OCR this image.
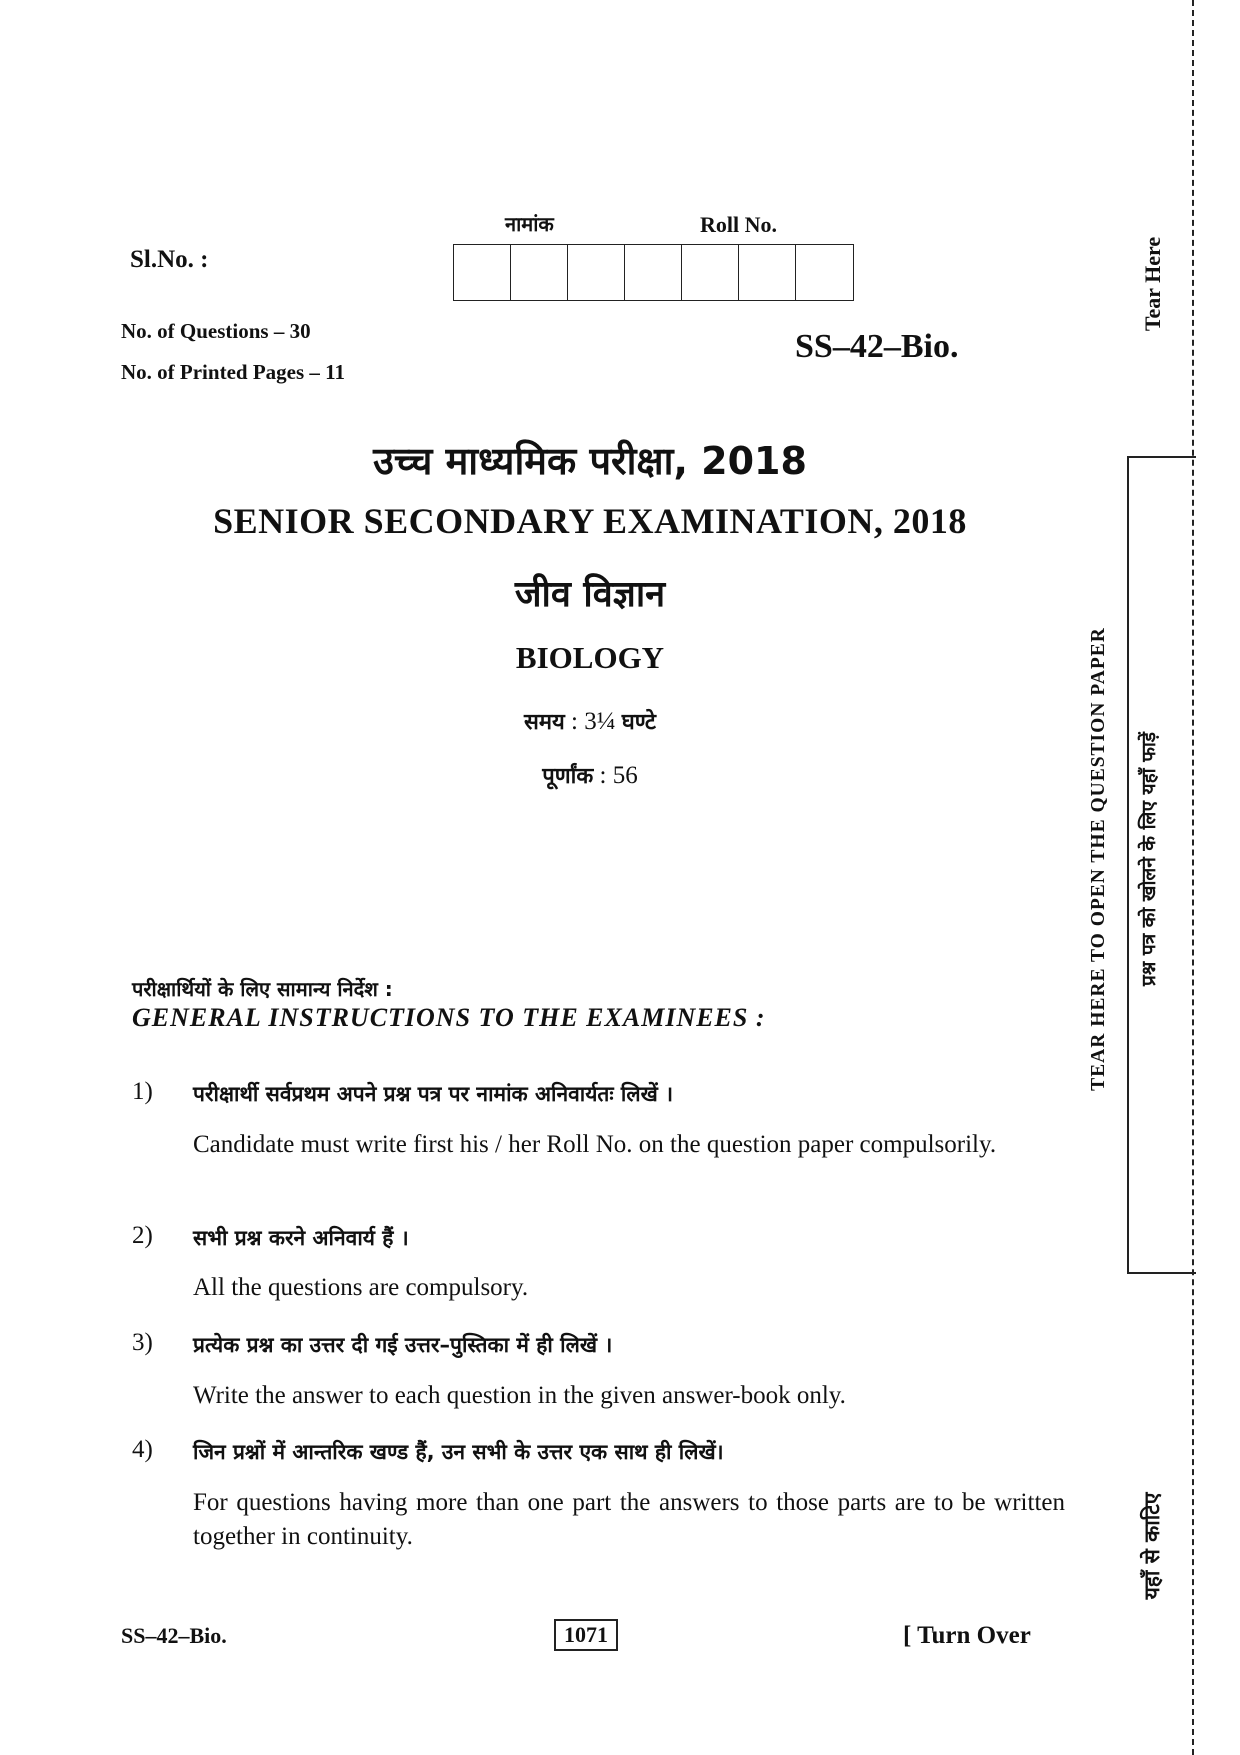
नामांक	Roll No.
Sl.No. :
No. of Questions – 30
No. of Printed Pages – 11
SS–42–Bio.
उच्च माध्यमिक परीक्षा, 2018
SENIOR SECONDARY EXAMINATION, 2018
जीव विज्ञान
BIOLOGY
समय : 3¼ घण्टे
पूर्णांक : 56
परीक्षार्थियों के लिए सामान्य निर्देश :
GENERAL INSTRUCTIONS TO THE EXAMINEES :
1) परीक्षार्थी सर्वप्रथम अपने प्रश्न पत्र पर नामांक अनिवार्यतः लिखें ।
Candidate must write first his / her Roll No. on the question paper compulsorily.
2) सभी प्रश्न करने अनिवार्य हैं ।
All the questions are compulsory.
3) प्रत्येक प्रश्न का उत्तर दी गई उत्तर–पुस्तिका में ही लिखें ।
Write the answer to each question in the given answer-book only.
4) जिन प्रश्नों में आन्तरिक खण्ड हैं, उन सभी के उत्तर एक साथ ही लिखें।
For questions having more than one part the answers to those parts are to be written together in continuity.
SS–42–Bio.	1071	[ Turn Over
Tear Here
प्रश्न पत्र को खोलने के लिए यहाँ फाड़ें
TEAR HERE TO OPEN THE QUESTION PAPER
यहाँ से काटिए
